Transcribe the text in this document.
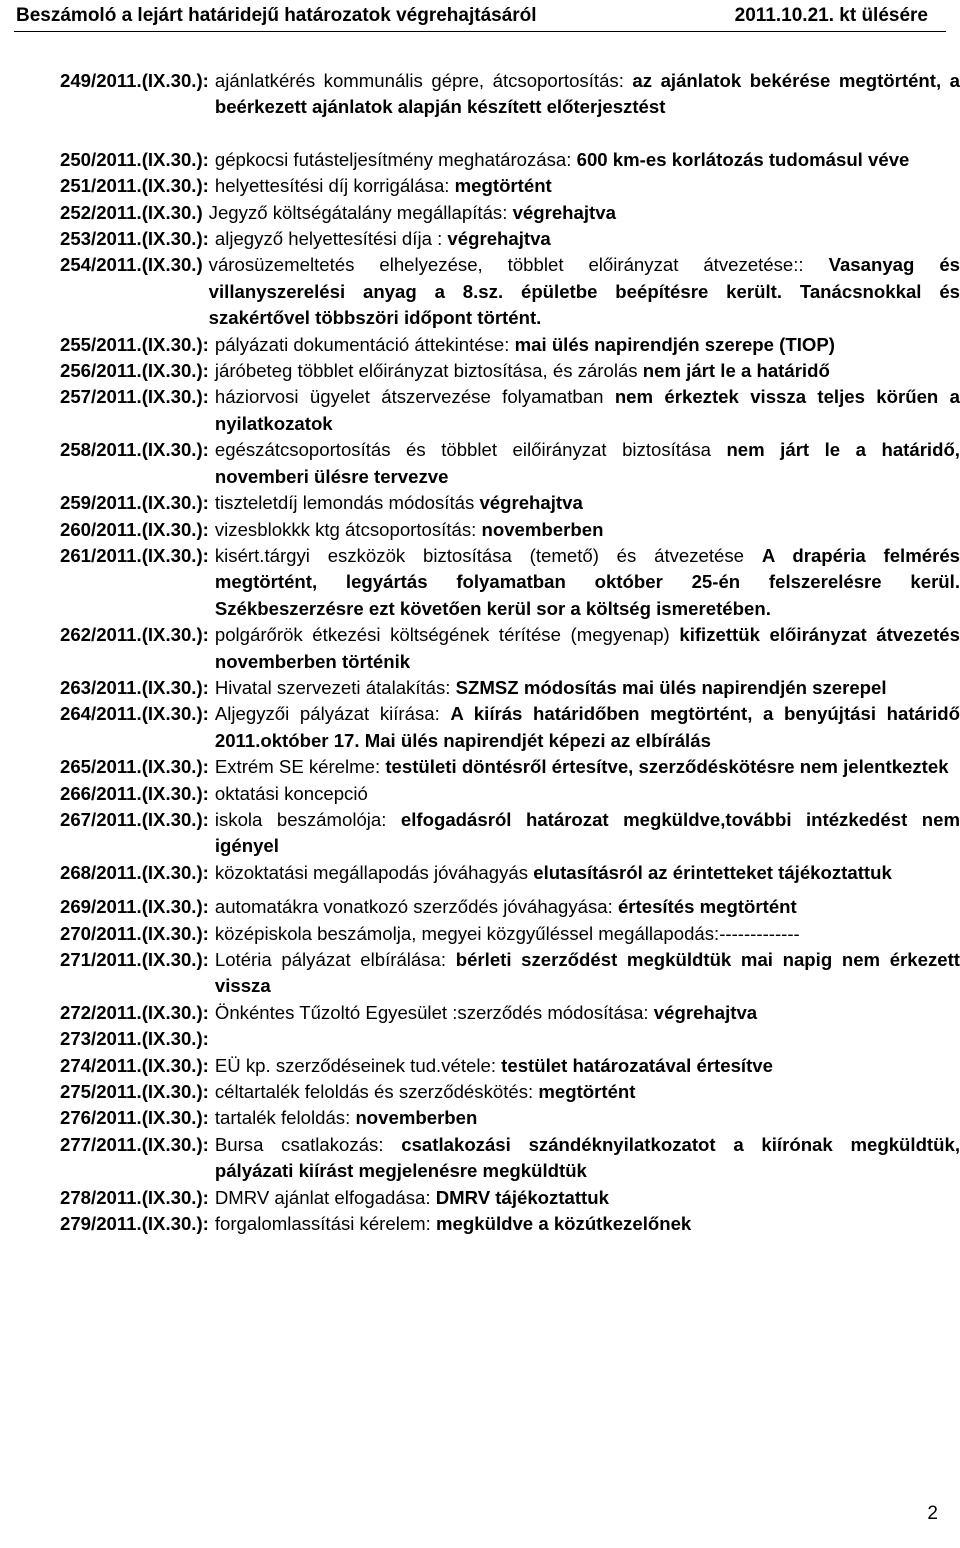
Beszámoló a lejárt határidejű határozatok végrehajtásáról	2011.10.21. kt ülésére
249/2011.(IX.30.): ajánlatkérés kommunális gépre, átcsoportosítás: az ajánlatok bekérése megtörtént, a beérkezett ajánlatok alapján készített előterjesztést
250/2011.(IX.30.): gépkocsi futásteljesítmény meghatározása: 600 km-es korlátozás tudomásul véve
251/2011.(IX.30.): helyettesítési díj korrigálása: megtörtént
252/2011.(IX.30.) Jegyző költségátalány megállapítás: végrehajtva
253/2011.(IX.30.): aljegyző helyettesítési díja : végrehajtva
254/2011.(IX.30.) városüzemeltetés elhelyezése, többlet előirányzat átvezetése:: Vasanyag és villanyszerelési anyag a 8.sz. épületbe beépítésre került. Tanácsnokkal és szakértővel többszöri időpont történt.
255/2011.(IX.30.): pályázati dokumentáció áttekintése: mai ülés napirendjén szerepe (TIOP)
256/2011.(IX.30.): járóbeteg többlet előirányzat biztosítása, és zárolás nem járt le a határidő
257/2011.(IX.30.): háziorvosi ügyelet átszervezése folyamatban nem érkeztek vissza teljes körűen a nyilatkozatok
258/2011.(IX.30.): egészátcsoportosítás és többlet eilőirányzat biztosítása nem járt le a határidő, novemberi ülésre tervezve
259/2011.(IX.30.): tiszteletdíj lemondás módosítás végrehajtva
260/2011.(IX.30.): vizesblokkk ktg átcsoportosítás: novemberben
261/2011.(IX.30.): kisért.tárgyi eszközök biztosítása (temető) és átvezetése A drapéria felmérés megtörtént, legyártás folyamatban október 25-én felszerelésre kerül. Székbeszerzésre ezt követően kerül sor a költség ismeretében.
262/2011.(IX.30.): polgárőrök étkezési költségének térítése (megyenap) kifizettük előirányzat átvezetés novemberben történik
263/2011.(IX.30.): Hivatal szervezeti átalakítás: SZMSZ módosítás mai ülés napirendjén szerepel
264/2011.(IX.30.): Aljegyzői pályázat kiírása: A kiírás határidőben megtörtént, a benyújtási határidő 2011.október 17. Mai ülés napirendjét képezi az elbírálás
265/2011.(IX.30.): Extrém SE kérelme: testületi döntésről értesítve, szerződéskötésre nem jelentkeztek
266/2011.(IX.30.): oktatási koncepció
267/2011.(IX.30.): iskola beszámolója: elfogadásról határozat megküldve,további intézkedést nem igényel
268/2011.(IX.30.): közoktatási megállapodás jóváhagyás elutasításról az érintetteket tájékoztattuk
269/2011.(IX.30.): automatákra vonatkozó szerződés jóváhagyása: értesítés megtörtént
270/2011.(IX.30.): középiskola beszámolja, megyei közgyűléssel megállapodás:-------------
271/2011.(IX.30.): Lotéria pályázat elbírálása: bérleti szerződést megküldtük mai napig nem érkezett vissza
272/2011.(IX.30.): Önkéntes Tűzoltó Egyesület :szerződés módosítása: végrehajtva
273/2011.(IX.30.):
274/2011.(IX.30.): EÜ kp. szerződéseinek tud.vétele: testület határozatával értesítve
275/2011.(IX.30.): céltartalék feloldás és szerződéskötés: megtörtént
276/2011.(IX.30.): tartalék feloldás: novemberben
277/2011.(IX.30.): Bursa csatlakozás: csatlakozási szándéknyilatkozatot a kiírónak megküldtük, pályázati kiírást megjelenésre megküldtük
278/2011.(IX.30.): DMRV ajánlat elfogadása: DMRV tájékoztattuk
279/2011.(IX.30.): forgalomlassítási kérelem: megküldve a közútkezelőnek
2
